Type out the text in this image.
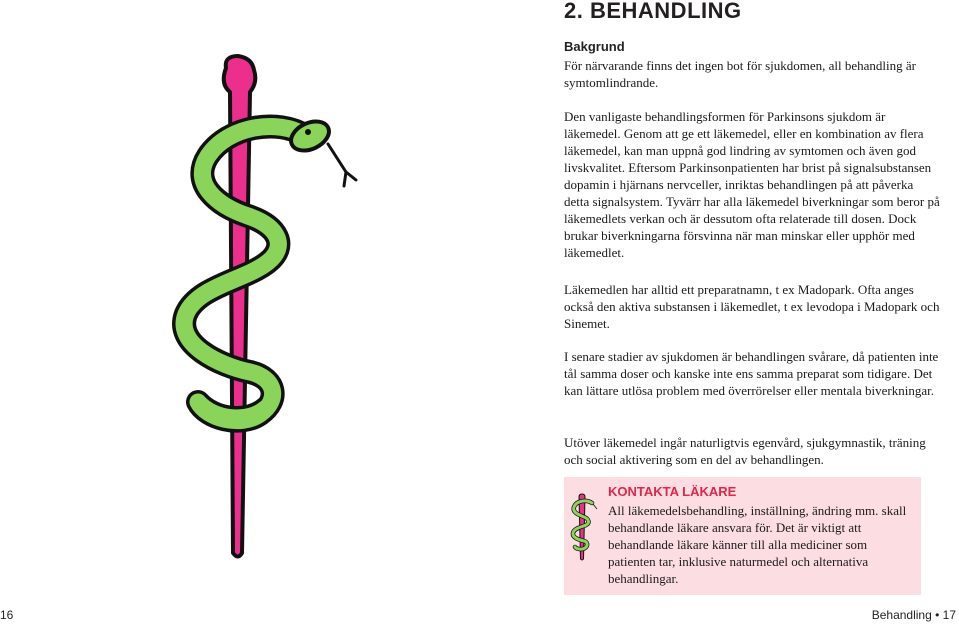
2. BEHANDLING
Bakgrund

För närvarande finns det ingen bot för sjukdomen, all behandling är symtomlindrande.

Den vanligaste behandlingsformen för Parkinsons sjukdom är läkemedel. Genom att ge ett läkemedel, eller en kombination av flera läkemedel, kan man uppnå god lindring av symtomen och även god livskvalitet. Eftersom Parkinsonpatienten har brist på signalsubstansen dopamin i hjärnans nervceller, inriktas behandlingen på att påverka detta signalsystem. Tyvärr har alla läkemedel biverkningar som beror på läkemedlets verkan och är dessutom ofta relaterade till dosen. Dock brukar biverkningarna försvinna när man minskar eller upphör med läkemedlet.

Läkemedlen har alltid ett preparatnamn, t ex Madopark. Ofta anges också den aktiva substansen i läkemedlet, t ex levodopa i Madopark och Sinemet.

I senare stadier av sjukdomen är behandlingen svårare, då patienten inte tål samma doser och kanske inte ens samma preparat som tidigare. Det kan lättare utlösa problem med överrörelser eller mentala biverkningar.

Utöver läkemedel ingår naturligtvis egenvård, sjukgymnastik, träning och social aktivering som en del av behandlingen.

KONTAKTA LÄKARE

All läkemedelsbehandling, inställning, ändring mm. skall behandlande läkare ansvara för. Det är viktigt att behandlande läkare känner till alla mediciner som patienten tar, inklusive naturmedel och alternativa behandlingar.

16	Behandling • 17
